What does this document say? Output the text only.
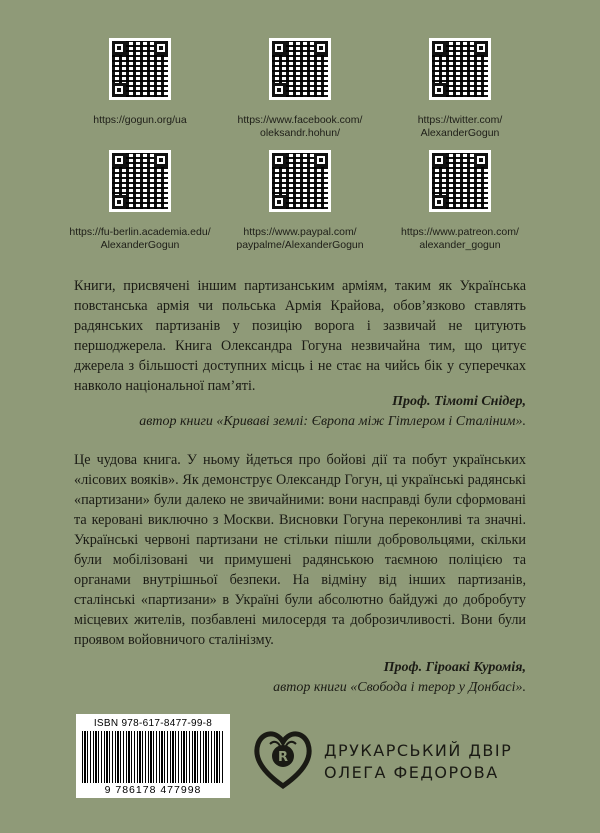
https://gogun.org/ua	https://www.facebook.com/
oleksandr.hohun/
https://twitter.com/
AlexanderGogun
https://fu-berlin.academia.edu/
AlexanderGogun
https://www.paypal.com/
paypalme/AlexanderGogun
https://www.patreon.com/
alexander_gogun

Книги, присвячені іншим партизанським арміям, таким як Українська повстанська армія чи польська Армія Крайова, обов’язково ставлять радянських партизанів у позицію ворога і зазвичай не цитують першоджерела. Книга Олександра Гогуна незвичайна тим, що цитує джерела з більшості доступних місць і не стає на чийсь бік у суперечках навколо національної пам’яті.

Проф. Тімоті Снідер,
автор книги «Криваві землі: Європа між Гітлером і Сталіним».

Це чудова книга. У ньому йдеться про бойові дії та побут українських «лісових вояків». Як демонструє Олександр Гогун, ці українські радянські «партизани» були далеко не звичайними: вони насправді були сформовані та керовані виключно з Москви. Висновки Гогуна переконливі та значні. Українські червоні партизани не стільки пішли добровольцями, скільки були мобілізовані чи примушені радянською таємною поліцією та органами внутрішньої безпеки. На відміну від інших партизанів, сталінські «партизани» в Україні були абсолютно байдужі до добробуту місцевих жителів, позбавлені милосердя та доброзичливості. Вони були проявом войовничого сталінізму.

Проф. Гіроакі Куромія,
автор книги «Свобода і терор у Донбасі».
ISBN 978-617-8477-99-8
9 786178 477998
R ДРУКАРСЬКИЙ ДВІР
ОЛЕГА ФЕДОРОВА
